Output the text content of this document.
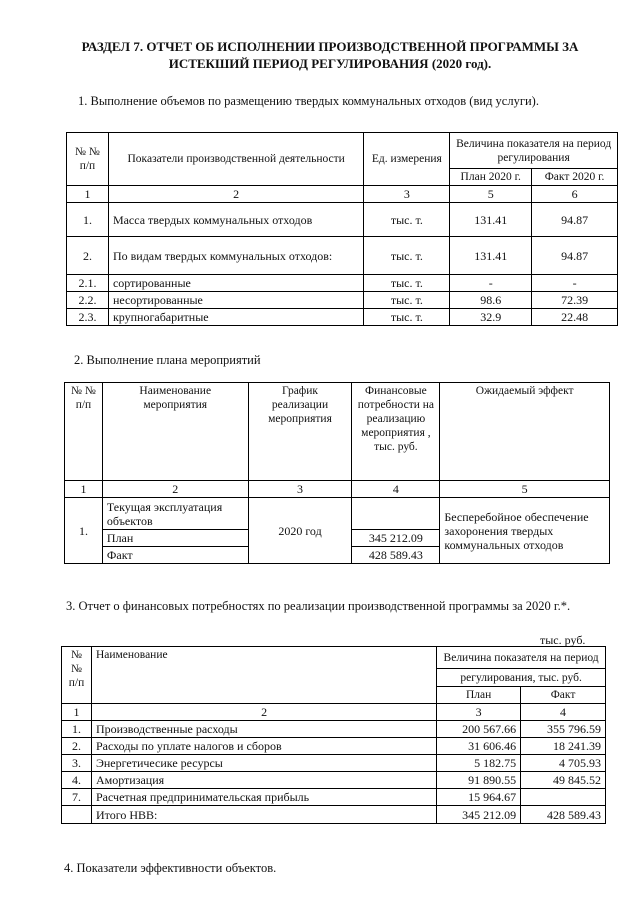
РАЗДЕЛ 7. ОТЧЕТ ОБ ИСПОЛНЕНИИ ПРОИЗВОДСТВЕННОЙ ПРОГРАММЫ ЗА ИСТЕКШИЙ ПЕРИОД РЕГУЛИРОВАНИЯ (2020 год).
1. Выполнение объемов по размещению твердых коммунальных отходов (вид услуги).
№ № п/п	Показатели производственной деятельности	Ед. измерения	Величина показателя на период регулирования	
			План 2020 г.	Факт 2020 г.
1	2	3	5	6
1.	Масса твердых коммунальных отходов	тыс. т.	131.41	94.87
2.	По видам твердых коммунальных отходов:	тыс. т.	131.41	94.87
2.1.	сортированные	тыс. т.	-	-
2.2.	несортированные	тыс. т.	98.6	72.39
2.3.	крупногабаритные	тыс. т.	32.9	22.48
2. Выполнение плана мероприятий
№ № п/п	Наименование мероприятия	График реализации мероприятия	Финансовые потребности на реализацию мероприятия , тыс. руб.	Ожидаемый эффект
1	2	3	4	5
1.	Текущая эксплуатация объектов	2020 год		Бесперебойное обеспечение захоронения твердых коммунальных отходов
	План		345 212.09	
	Факт		428 589.43	
3. Отчет о финансовых потребностях по реализации производственной программы за 2020 г.*.
тыс. руб.
№ № п/п	Наименование	Величина показателя на период	
		регулирования, тыс. руб.	
		План	Факт
1	2	3	4
1.	Производственные расходы	200 567.66	355 796.59
2.	Расходы по уплате налогов и сборов	31 606.46	18 241.39
3.	Энергетичесике ресурсы	5 182.75	4 705.93
4.	Амортизация	91 890.55	49 845.52
7.	Расчетная предпринимательская прибыль	15 964.67	
	Итого НВВ:	345 212.09	428 589.43
4. Показатели эффективности объектов.
